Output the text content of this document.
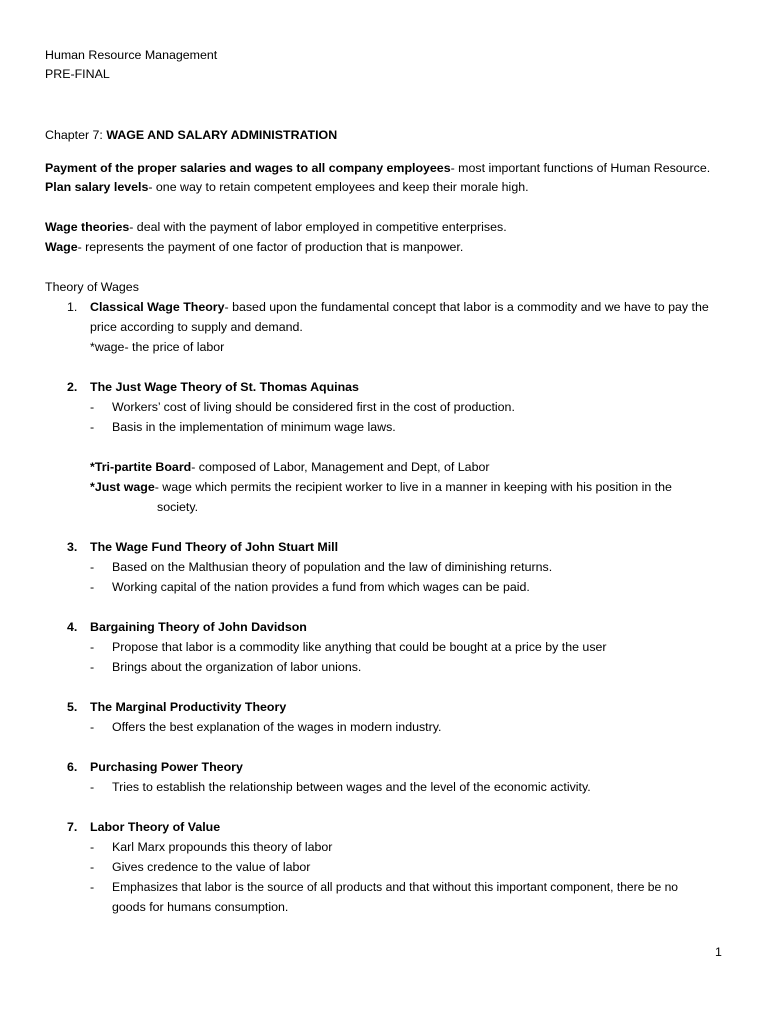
Human Resource Management
PRE-FINAL
Chapter 7: WAGE AND SALARY ADMINISTRATION
Payment of the proper salaries and wages to all company employees- most important functions of Human Resource.
Plan salary levels- one way to retain competent employees and keep their morale high.
Wage theories- deal with the payment of labor employed in competitive enterprises.
Wage- represents the payment of one factor of production that is manpower.
Theory of Wages
1. Classical Wage Theory- based upon the fundamental concept that labor is a commodity and we have to pay the
price according to supply and demand.
*wage- the price of labor
2. The Just Wage Theory of St. Thomas Aquinas
- Workers’ cost of living should be considered first in the cost of production.
- Basis in the implementation of minimum wage laws.
*Tri-partite Board- composed of Labor, Management and Dept, of Labor
*Just wage- wage which permits the recipient worker to live in a manner in keeping with his position in the
society.
3. The Wage Fund Theory of John Stuart Mill
- Based on the Malthusian theory of population and the law of diminishing returns.
- Working capital of the nation provides a fund from which wages can be paid.
4. Bargaining Theory of John Davidson
- Propose that labor is a commodity like anything that could be bought at a price by the user
- Brings about the organization of labor unions.
5. The Marginal Productivity Theory
- Offers the best explanation of the wages in modern industry.
6. Purchasing Power Theory
- Tries to establish the relationship between wages and the level of the economic activity.
7. Labor Theory of Value
- Karl Marx propounds this theory of labor
- Gives credence to the value of labor
- Emphasizes that labor is the source of all products and that without this important component, there be no
goods for humans consumption.
1
